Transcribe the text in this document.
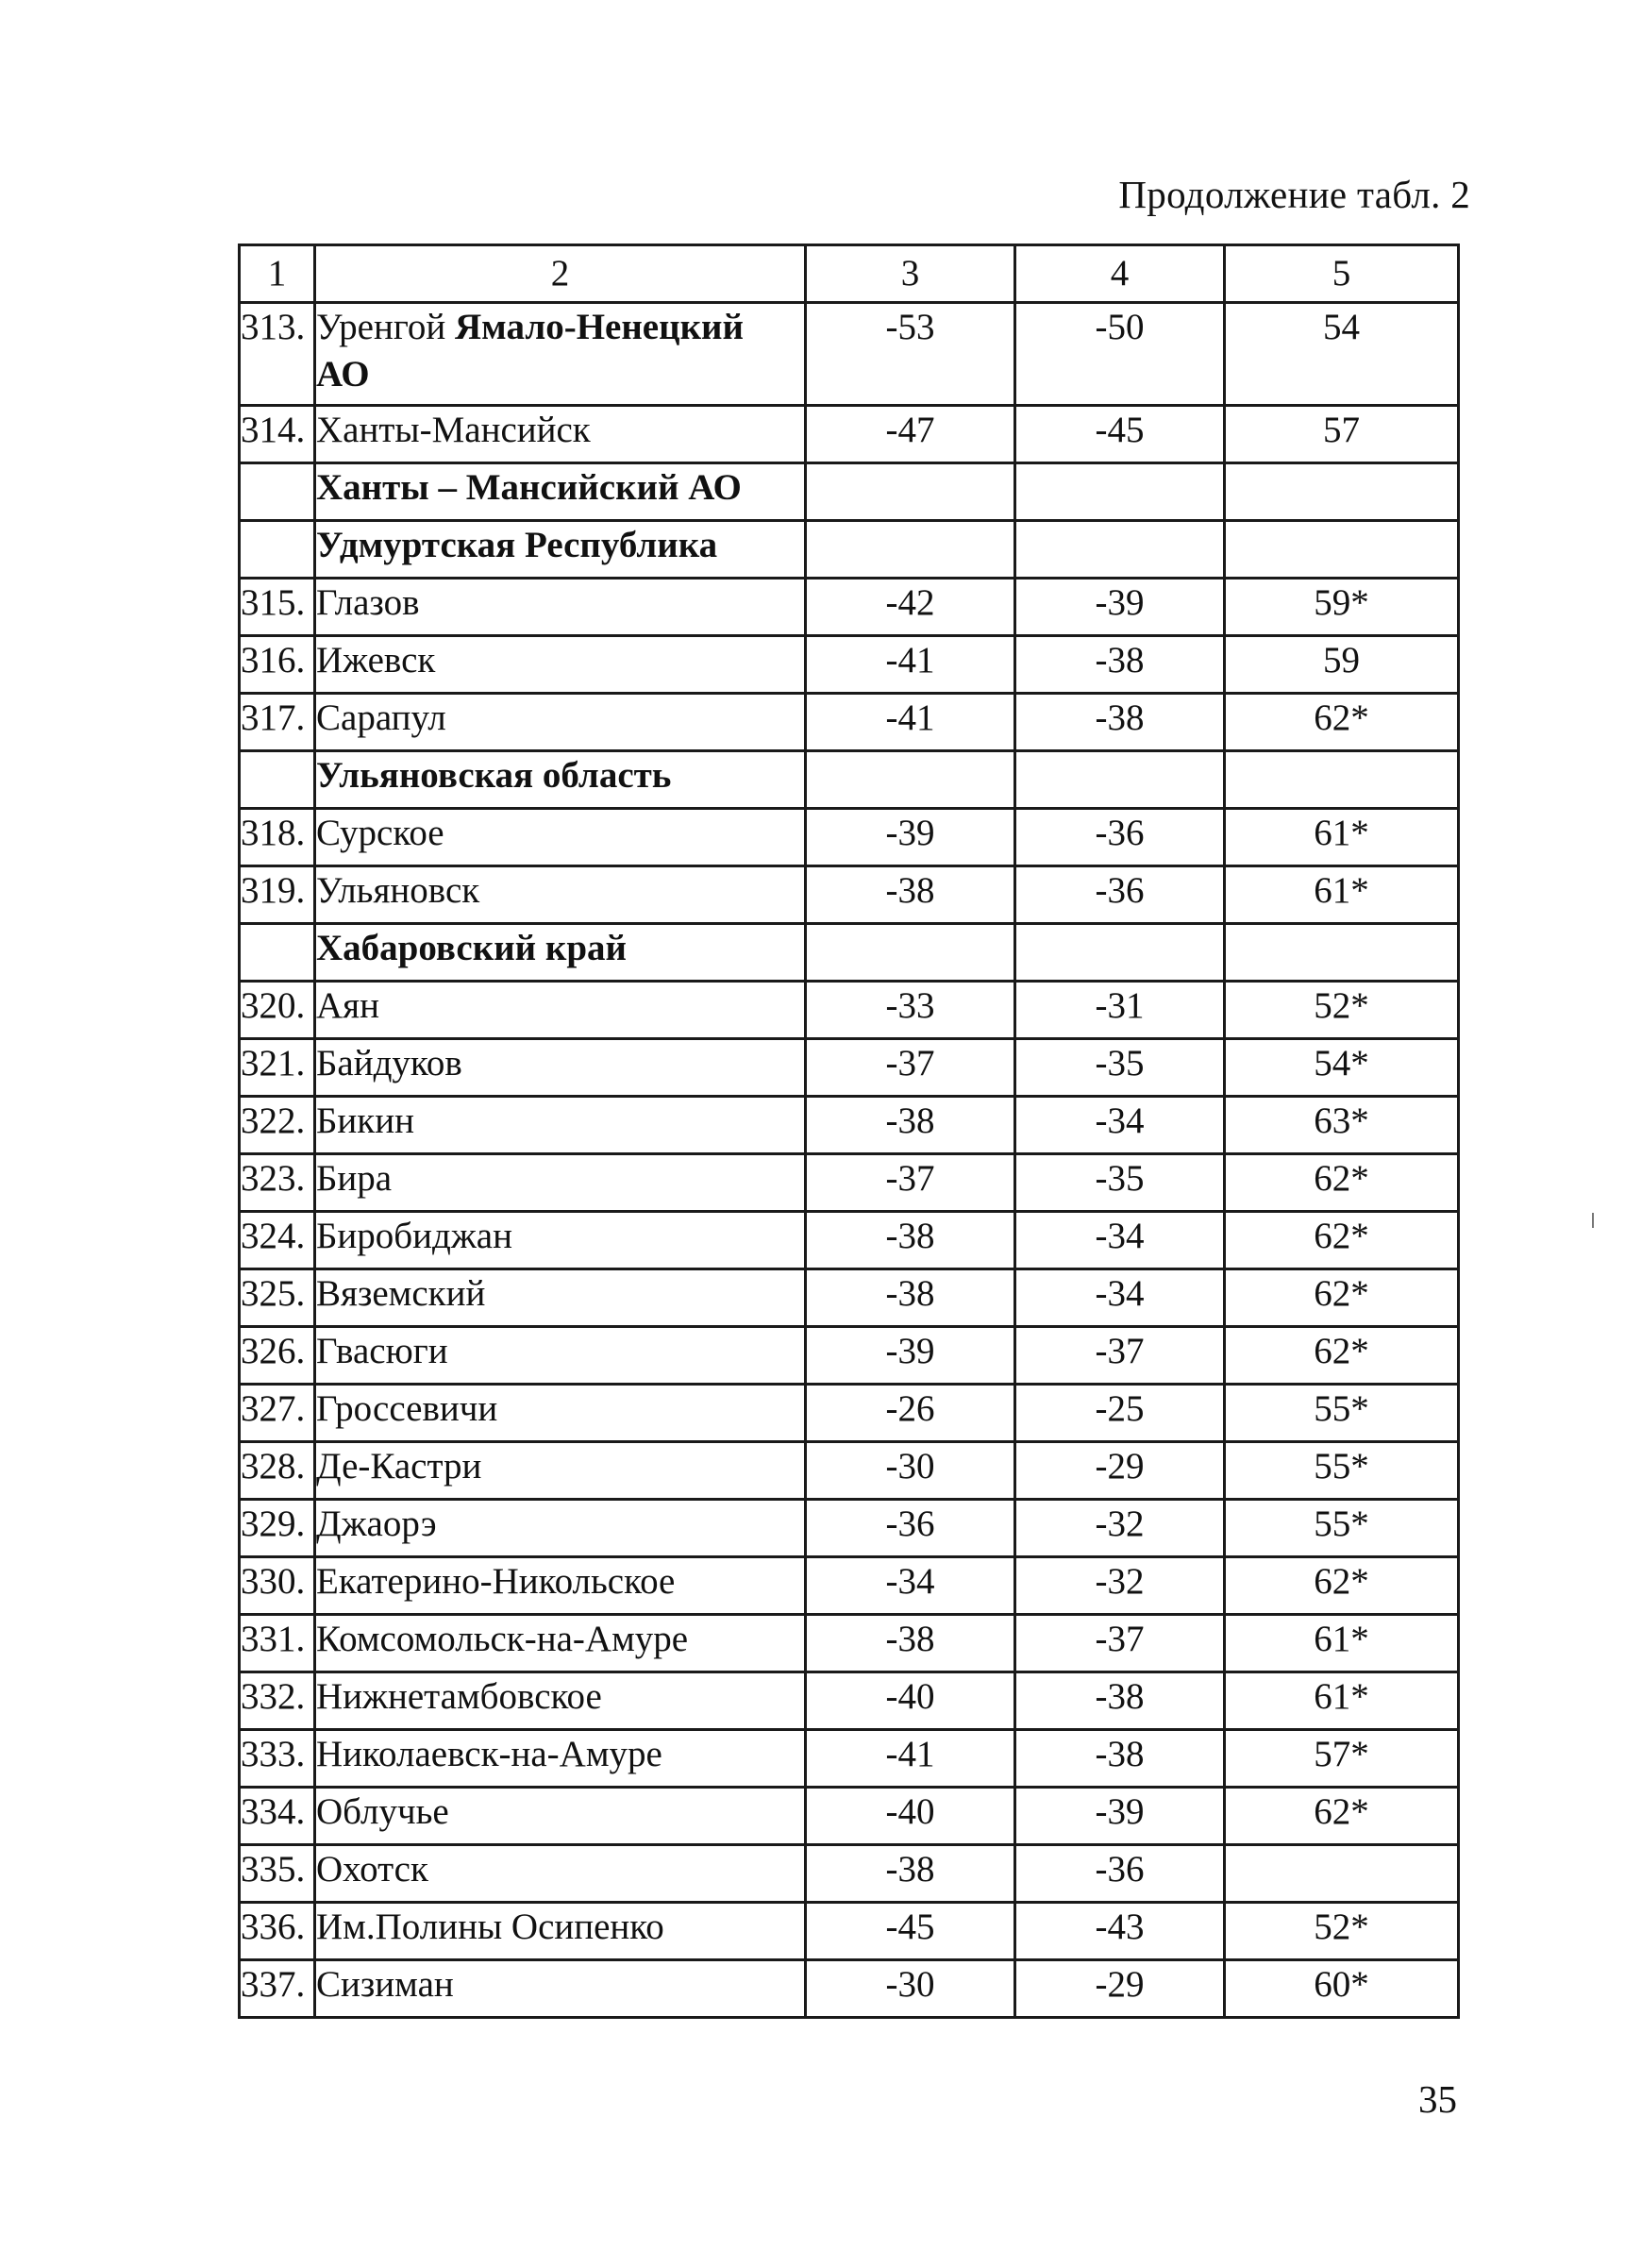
Продолжение табл. 2
1	2	3	4	5
313.	Уренгой Ямало-Ненецкий АО	-53	-50	54
314.	Ханты-Мансийск	-47	-45	57
	Ханты – Мансийский АО			
	Удмуртская Республика			
315.	Глазов	-42	-39	59*
316.	Ижевск	-41	-38	59
317.	Сарапул	-41	-38	62*
	Ульяновская область			
318.	Сурское	-39	-36	61*
319.	Ульяновск	-38	-36	61*
	Хабаровский край			
320.	Аян	-33	-31	52*
321.	Байдуков	-37	-35	54*
322.	Бикин	-38	-34	63*
323.	Бира	-37	-35	62*
324.	Биробиджан	-38	-34	62*
325.	Вяземский	-38	-34	62*
326.	Гвасюги	-39	-37	62*
327.	Гроссевичи	-26	-25	55*
328.	Де-Кастри	-30	-29	55*
329.	Джаорэ	-36	-32	55*
330.	Екатерино-Никольское	-34	-32	62*
331.	Комсомольск-на-Амуре	-38	-37	61*
332.	Нижнетамбовское	-40	-38	61*
333.	Николаевск-на-Амуре	-41	-38	57*
334.	Облучье	-40	-39	62*
335.	Охотск	-38	-36	
336.	Им.Полины Осипенко	-45	-43	52*
337.	Сизиман	-30	-29	60*
35
